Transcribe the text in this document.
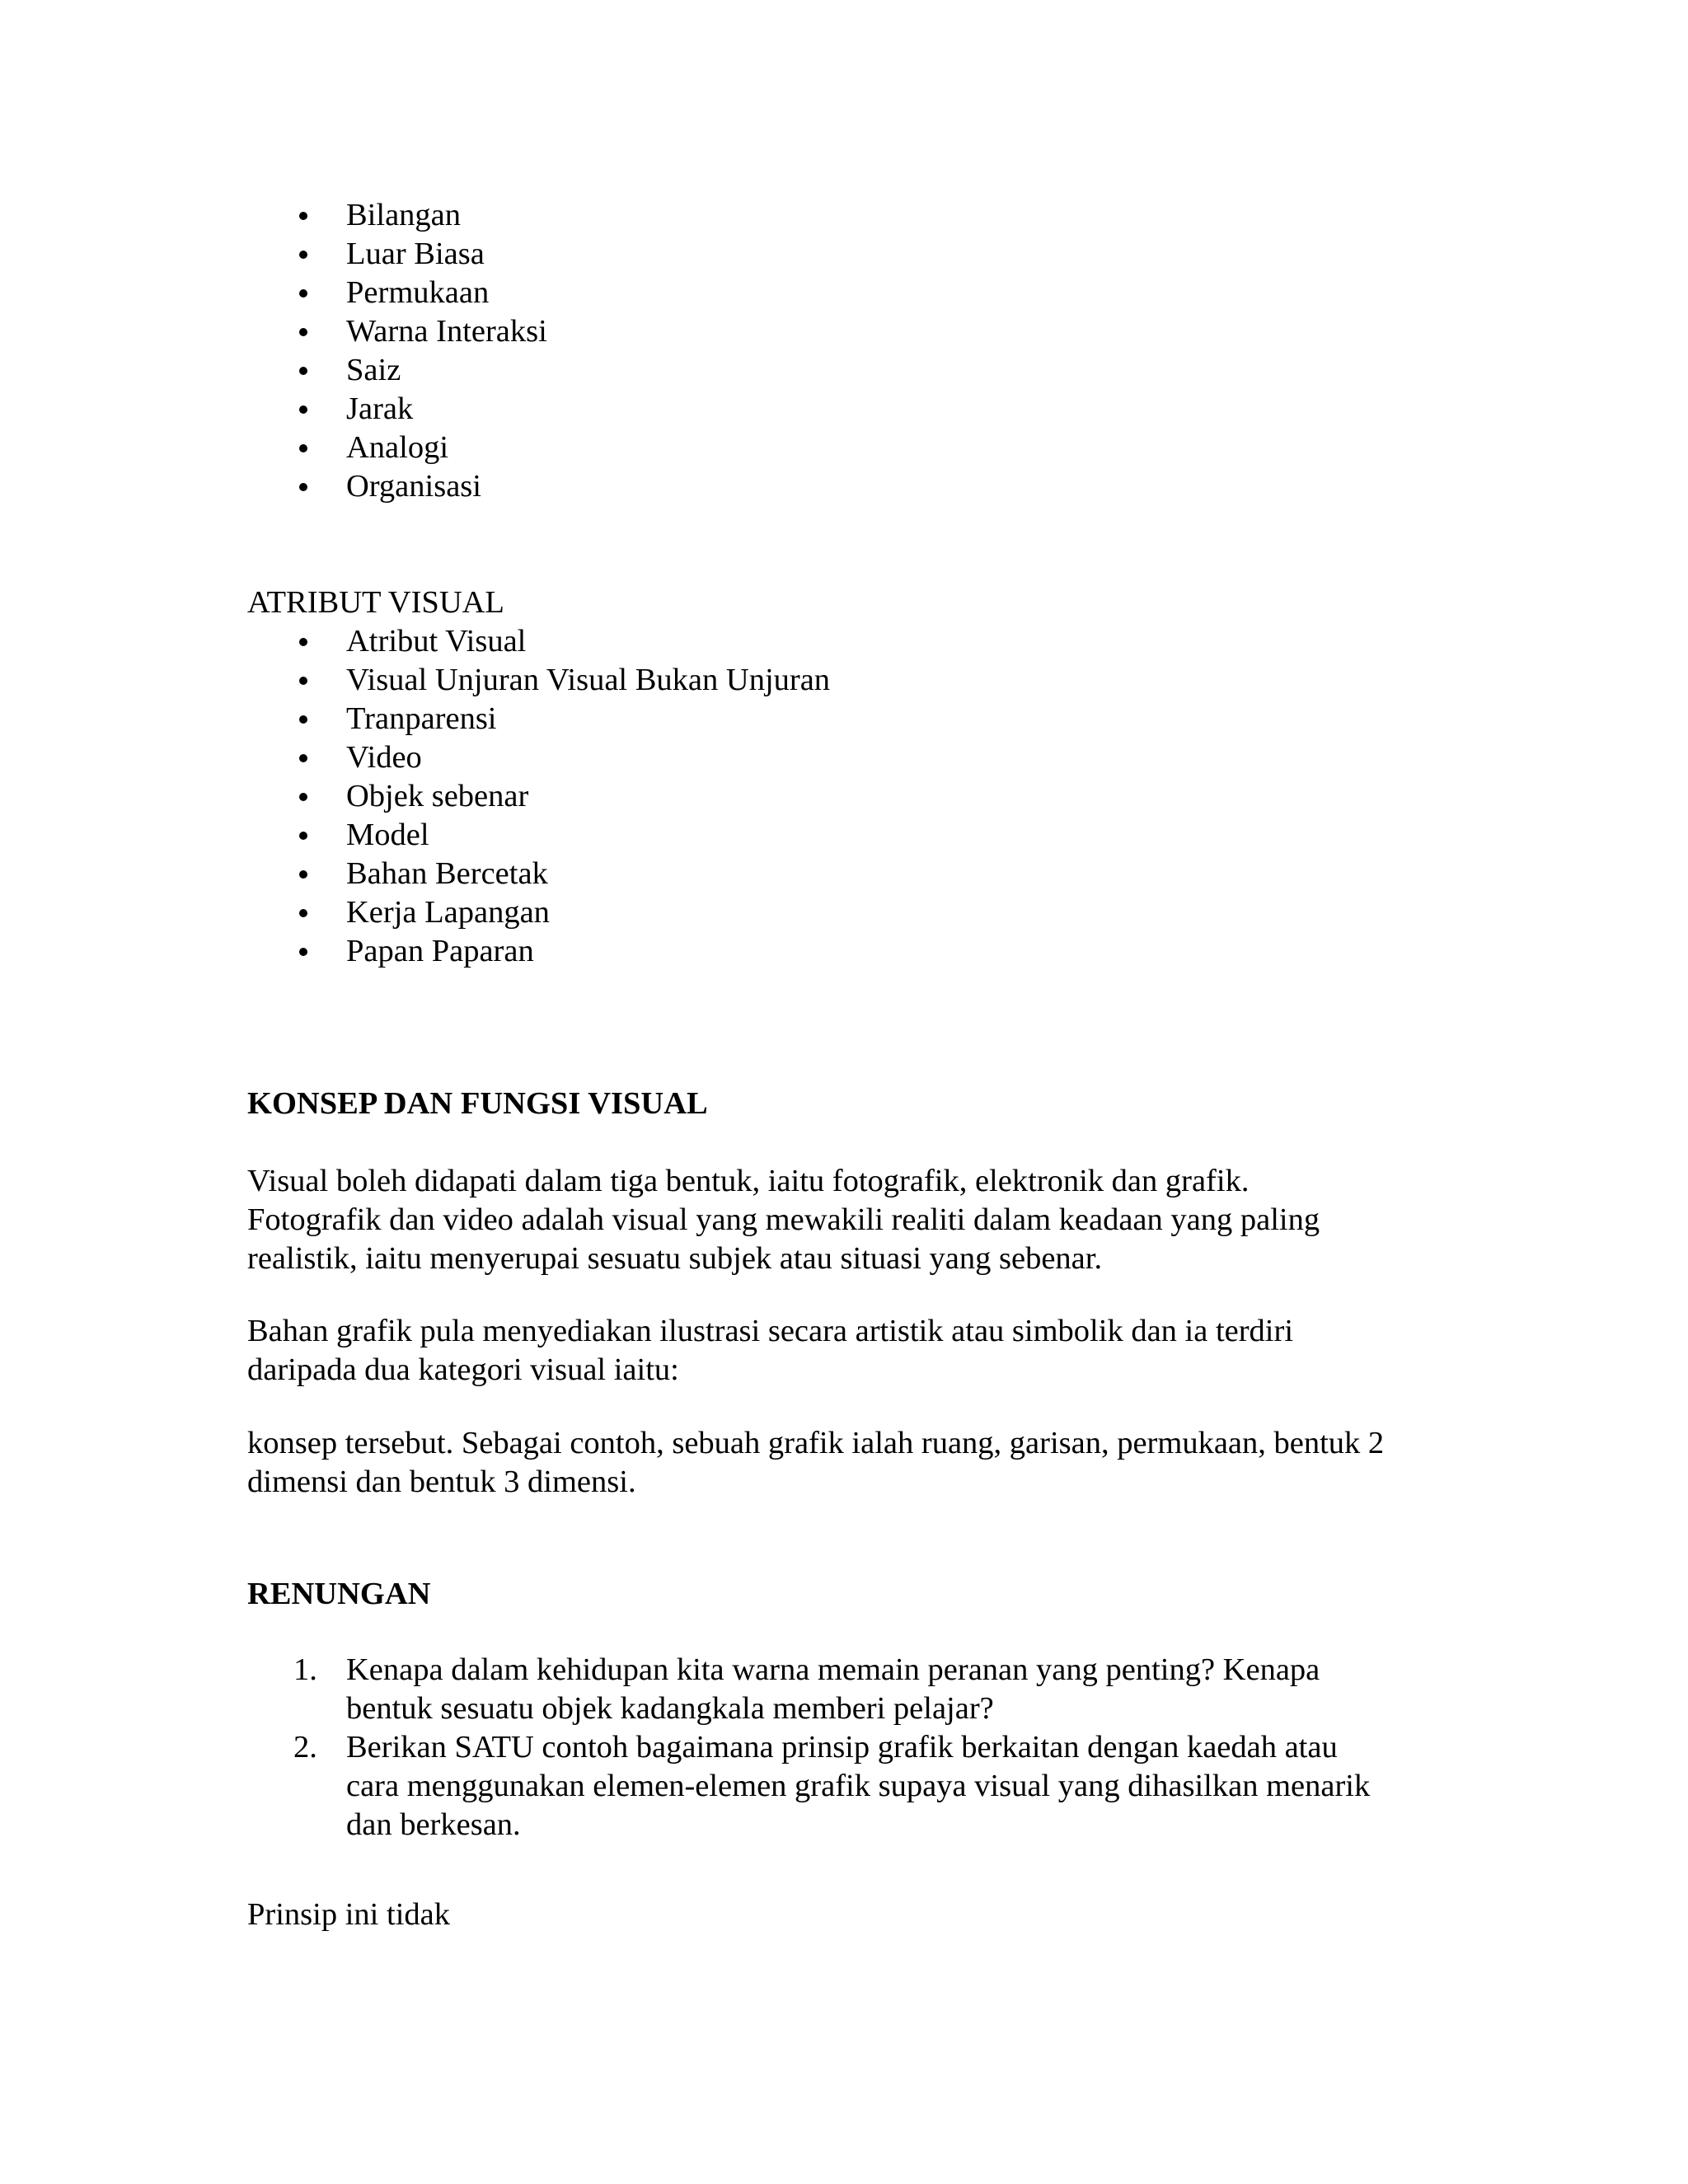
Bilangan
Luar Biasa
Permukaan
Warna Interaksi
Saiz
Jarak
Analogi
Organisasi
ATRIBUT VISUAL
Atribut Visual
Visual Unjuran Visual Bukan Unjuran
Tranparensi
Video
Objek sebenar
Model
Bahan Bercetak
Kerja Lapangan
Papan Paparan
KONSEP DAN FUNGSI VISUAL
Visual boleh didapati dalam tiga bentuk, iaitu fotografik, elektronik dan grafik.
Fotografik dan video adalah visual yang mewakili realiti dalam keadaan yang paling
realistik, iaitu menyerupai sesuatu subjek atau situasi yang sebenar.
Bahan grafik pula menyediakan ilustrasi secara artistik atau simbolik dan ia terdiri
daripada dua kategori visual iaitu:
konsep tersebut. Sebagai contoh, sebuah grafik ialah ruang, garisan, permukaan, bentuk 2
dimensi dan bentuk 3 dimensi.
RENUNGAN
1. Kenapa dalam kehidupan kita warna memain peranan yang penting? Kenapa
bentuk sesuatu objek kadangkala memberi pelajar?
2. Berikan SATU contoh bagaimana prinsip grafik berkaitan dengan kaedah atau
cara menggunakan elemen-elemen grafik supaya visual yang dihasilkan menarik
dan berkesan.
Prinsip ini tidak
